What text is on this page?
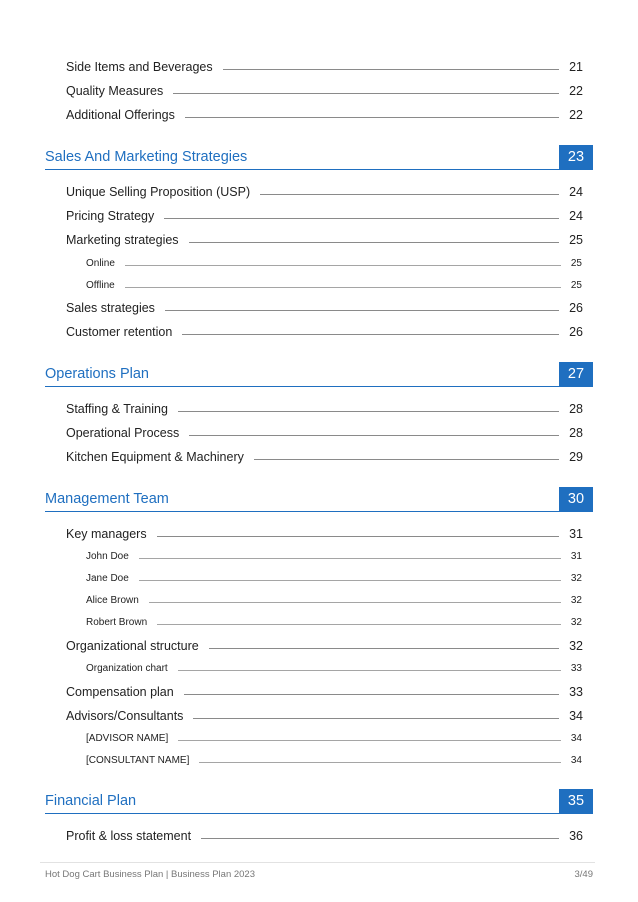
Side Items and Beverages	21
Quality Measures	22
Additional Offerings	22
Sales And Marketing Strategies	23
Unique Selling Proposition (USP)	24
Pricing Strategy	24
Marketing strategies	25
Online	25
Offline	25
Sales strategies	26
Customer retention	26
Operations Plan	27
Staffing & Training	28
Operational Process	28
Kitchen Equipment & Machinery	29
Management Team	30
Key managers	31
John Doe	31
Jane Doe	32
Alice Brown	32
Robert Brown	32
Organizational structure	32
Organization chart	33
Compensation plan	33
Advisors/Consultants	34
[ADVISOR NAME]	34
[CONSULTANT NAME]	34
Financial Plan	35
Profit & loss statement	36
Hot Dog Cart Business Plan | Business Plan 2023	3/49
